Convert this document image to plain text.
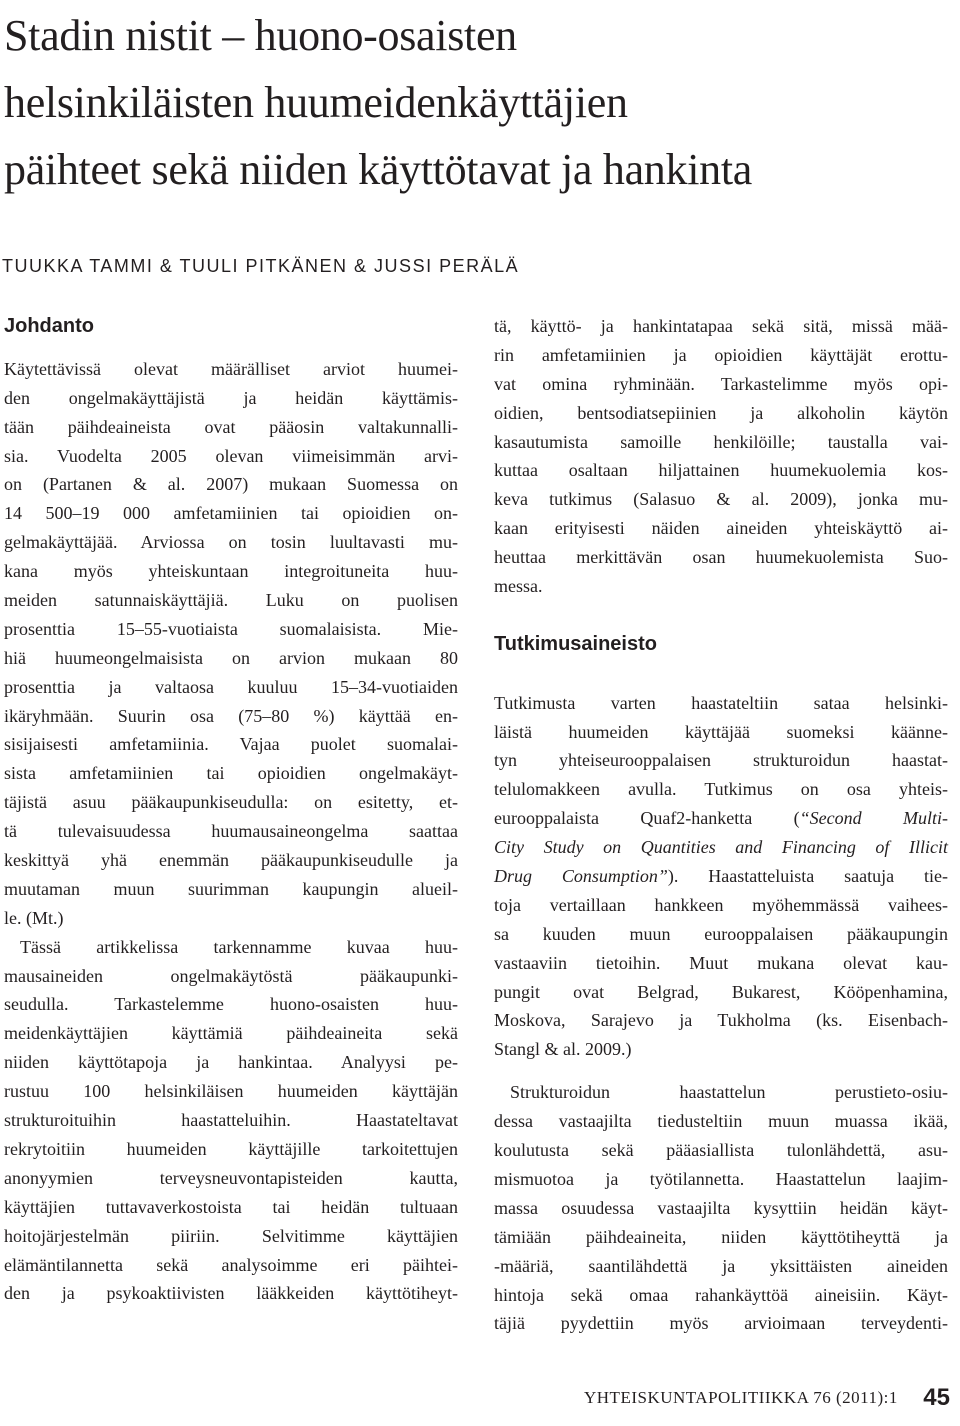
Stadin nistit – huono-osaisten
helsinkiläisten huumeidenkäyttäjien
päihteet sekä niiden käyttötavat ja hankinta

TUUKKA TAMMI & TUULI PITKÄNEN & JUSSI PERÄLÄ

Johdanto
Käytettävissä olevat määrälliset arviot huumei-
den ongelmakäyttäjistä ja heidän käyttämis-
tään päihdeaineista ovat pääosin valtakunnalli-
sia. Vuodelta 2005 olevan viimeisimmän arvi-
on (Partanen & al. 2007) mukaan Suomessa on
14 500–19 000 amfetamiinien tai opioidien on-
gelmakäyttäjää. Arviossa on tosin luultavasti mu-
kana myös yhteiskuntaan integroituneita huu-
meiden satunnaiskäyttäjiä. Luku on puolisen
prosenttia 15–55-vuotiaista suomalaisista. Mie-
hiä huumeongelmaisista on arvion mukaan 80
prosenttia ja valtaosa kuuluu 15–34-vuotiaiden
ikäryhmään. Suurin osa (75–80 %) käyttää en-
sisijaisesti amfetamiinia. Vajaa puolet suomalai-
sista amfetamiinien tai opioidien ongelmakäyt-
täjistä asuu pääkaupunkiseudulla: on esitetty, et-
tä tulevaisuudessa huumausaineongelma saattaa
keskittyä yhä enemmän pääkaupunkiseudulle ja
muutaman muun suurimman kaupungin alueil-
le. (Mt.)
Tässä artikkelissa tarkennamme kuvaa huu-
mausaineiden ongelmakäytöstä pääkaupunki-
seudulla. Tarkastelemme huono-osaisten huu-
meidenkäyttäjien käyttämiä päihdeaineita sekä
niiden käyttötapoja ja hankintaa. Analyysi pe-
rustuu 100 helsinkiläisen huumeiden käyttäjän
strukturoituihin haastatteluihin. Haastateltavat
rekrytoitiin huumeiden käyttäjille tarkoitettujen
anonyymien terveysneuvontapisteiden kautta,
käyttäjien tuttavaverkostoista tai heidän tultuaan
hoitojärjestelmän piiriin. Selvitimme käyttäjien
elämäntilannetta sekä analysoimme eri päihtei-
den ja psykoaktiivisten lääkkeiden käyttötiheyt-
tä, käyttö- ja hankintatapaa sekä sitä, missä mää-
rin amfetamiinien ja opioidien käyttäjät erottu-
vat omina ryhminään. Tarkastelimme myös opi-
oidien, bentsodiatsepiinien ja alkoholin käytön
kasautumista samoille henkilöille; taustalla vai-
kuttaa osaltaan hiljattainen huumekuolemia kos-
keva tutkimus (Salasuo & al. 2009), jonka mu-
kaan erityisesti näiden aineiden yhteiskäyttö ai-
heuttaa merkittävän osan huumekuolemista Suo-
messa.
Tutkimusaineisto
Tutkimusta varten haastateltiin sataa helsinki-
läistä huumeiden käyttäjää suomeksi käänne-
tyn yhteiseurooppalaisen strukturoidun haastat-
telulomakkeen avulla. Tutkimus on osa yhteis-
eurooppalaista Quaf2-hanketta (“Second Multi-
City Study on Quantities and Financing of Illicit
Drug Consumption”). Haastatteluista saatuja tie-
toja vertaillaan hankkeen myöhemmässä vaihees-
sa kuuden muun eurooppalaisen pääkaupungin
vastaaviin tietoihin. Muut mukana olevat kau-
pungit ovat Belgrad, Bukarest, Kööpenhamina,
Moskova, Sarajevo ja Tukholma (ks. Eisenbach-
Stangl & al. 2009.)
Strukturoidun haastattelun perustieto-osiu-
dessa vastaajilta tiedusteltiin muun muassa ikää,
koulutusta sekä pääasiallista tulonlähdettä, asu-
mismuotoa ja työtilannetta. Haastattelun laajim-
massa osuudessa vastaajilta kysyttiin heidän käyt-
tämiään päihdeaineita, niiden käyttötiheyttä ja
-määriä, saantilähdettä ja yksittäisten aineiden
hintoja sekä omaa rahankäyttöä aineisiin. Käyt-
täjiä pyydettiin myös arvioimaan terveydenti-
YHTEISKUNTAPOLITIIKKA 76 (2011):1 45
